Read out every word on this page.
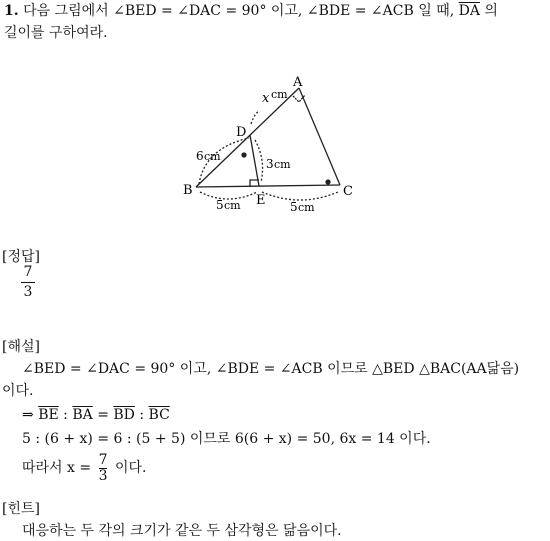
1. 다음 그림에서 ∠BED = ∠DAC = 90° 이고, ∠BDE = ∠ACB 일 때, $\overline{DA}$ 의
길이를 구하여라.
A
B	C
D
E
x cm
6 cm
3 cm
5 cm	5 cm
[정답]
7
3
[해설]
∠BED = ∠DAC = 90° 이고, ∠BDE = ∠ACB 이므로 △BED △BAC(AA닮음)
이다.
⇒ $\overline{BE}$ : $\overline{BA} = \overline{BD}$ : $\overline{BC}$
5 : (6 + x) = 6 : (5 + 5) 이므로 6(6 + x) = 50, 6x = 14 이다.
따라서 $x = \frac{7}{3}$ 이다.
[힌트]
대응하는 두 각의 크기가 같은 두 삼각형은 닮음이다.
